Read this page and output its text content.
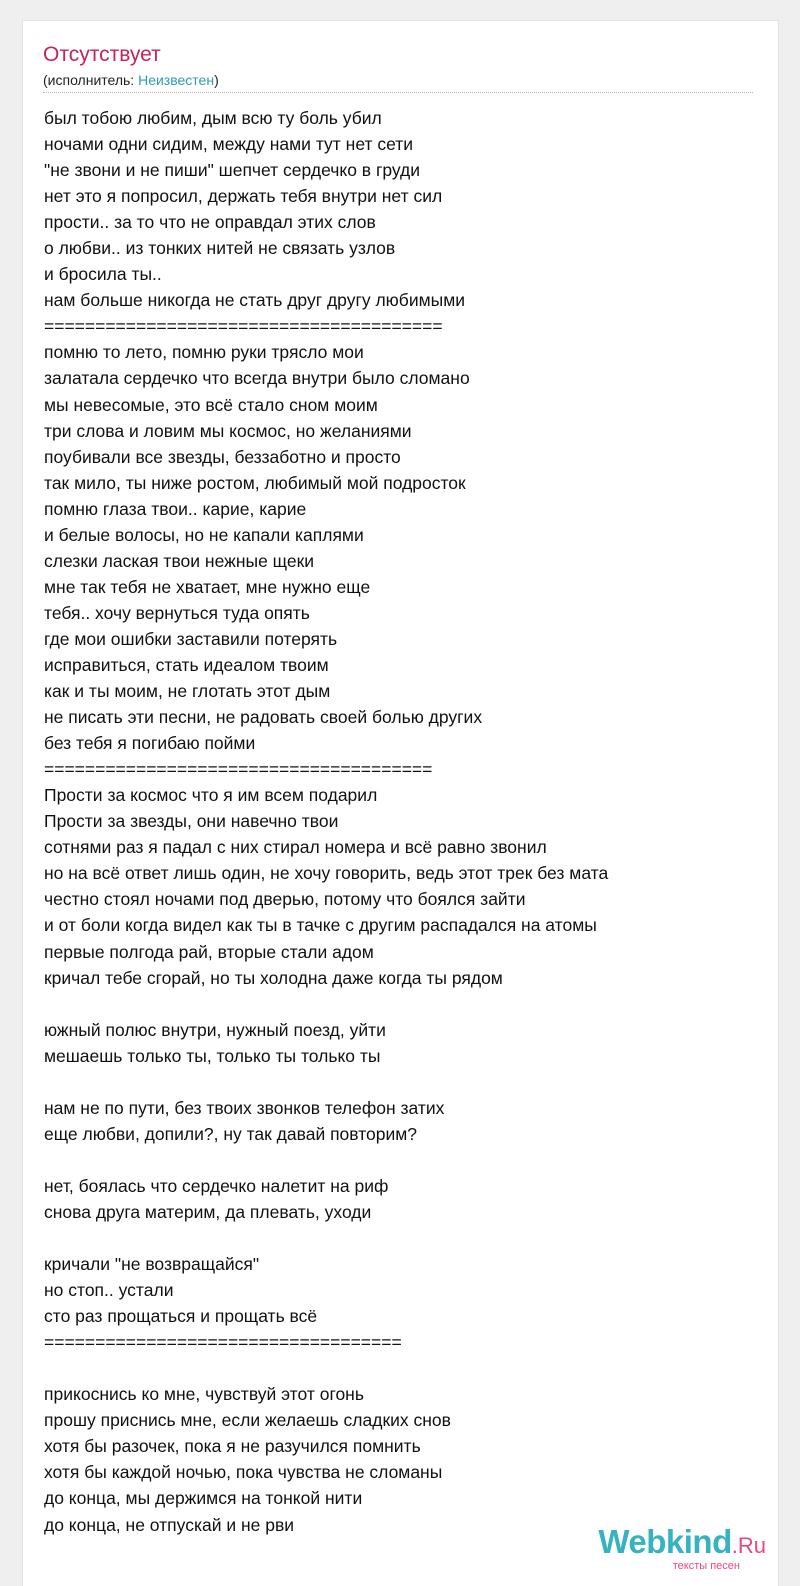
Отсутствует
(исполнитель: Неизвестен)
был тобою любим, дым всю ту боль убил
ночами одни сидим, между нами тут нет сети
"не звони и не пиши" шепчет сердечко в груди
нет это я попросил, держать тебя внутри нет сил
прости.. за то что не оправдал этих слов
о любви.. из тонких нитей не связать узлов
и бросила ты..
нам больше никогда не стать друг другу любимыми
=======================================
помню то лето, помню руки трясло мои
залатала сердечко что всегда внутри было сломано
мы невесомые, это всё стало сном моим
три слова и ловим мы космос, но желаниями
поубивали все звезды, беззаботно и просто
так мило, ты ниже ростом, любимый мой подросток
помню глаза твои.. карие, карие
и белые волосы, но не капали каплями
слезки лаская твои нежные щеки
мне так тебя не хватает, мне нужно еще
тебя.. хочу вернуться туда опять
где мои ошибки заставили потерять
исправиться, стать идеалом твоим
как и ты моим, не глотать этот дым
не писать эти песни, не радовать своей болью других
без тебя я погибаю пойми
======================================
Прости за космос что я им всем подарил
Прости за звезды, они навечно твои
сотнями раз я падал с них стирал номера и всё равно звонил
но на всё ответ лишь один, не хочу говорить, ведь этот трек без мата
честно стоял ночами под дверью, потому что боялся зайти
и от боли когда видел как ты в тачке с другим распадался на атомы
первые полгода рай, вторые стали адом
кричал тебе сгорай, но ты холодна даже когда ты рядом
южный полюс внутри, нужный поезд, уйти
мешаешь только ты, только ты только ты
нам не по пути, без твоих звонков телефон затих
еще любви, допили?, ну так давай повторим?
нет, боялась что сердечко налетит на риф
снова друга материм, да плевать, уходи
кричали "не возвращайся"
но стоп.. устали
сто раз прощаться и прощать всё
===================================
прикоснись ко мне, чувствуй этот огонь
прошу приснись мне, если желаешь сладких снов
хотя бы разочек, пока я не разучился помнить
хотя бы каждой ночью, пока чувства не сломаны
до конца, мы держимся на тонкой нити
до конца, не отпускай и не рви	Webkind.Ru
тексты песен
